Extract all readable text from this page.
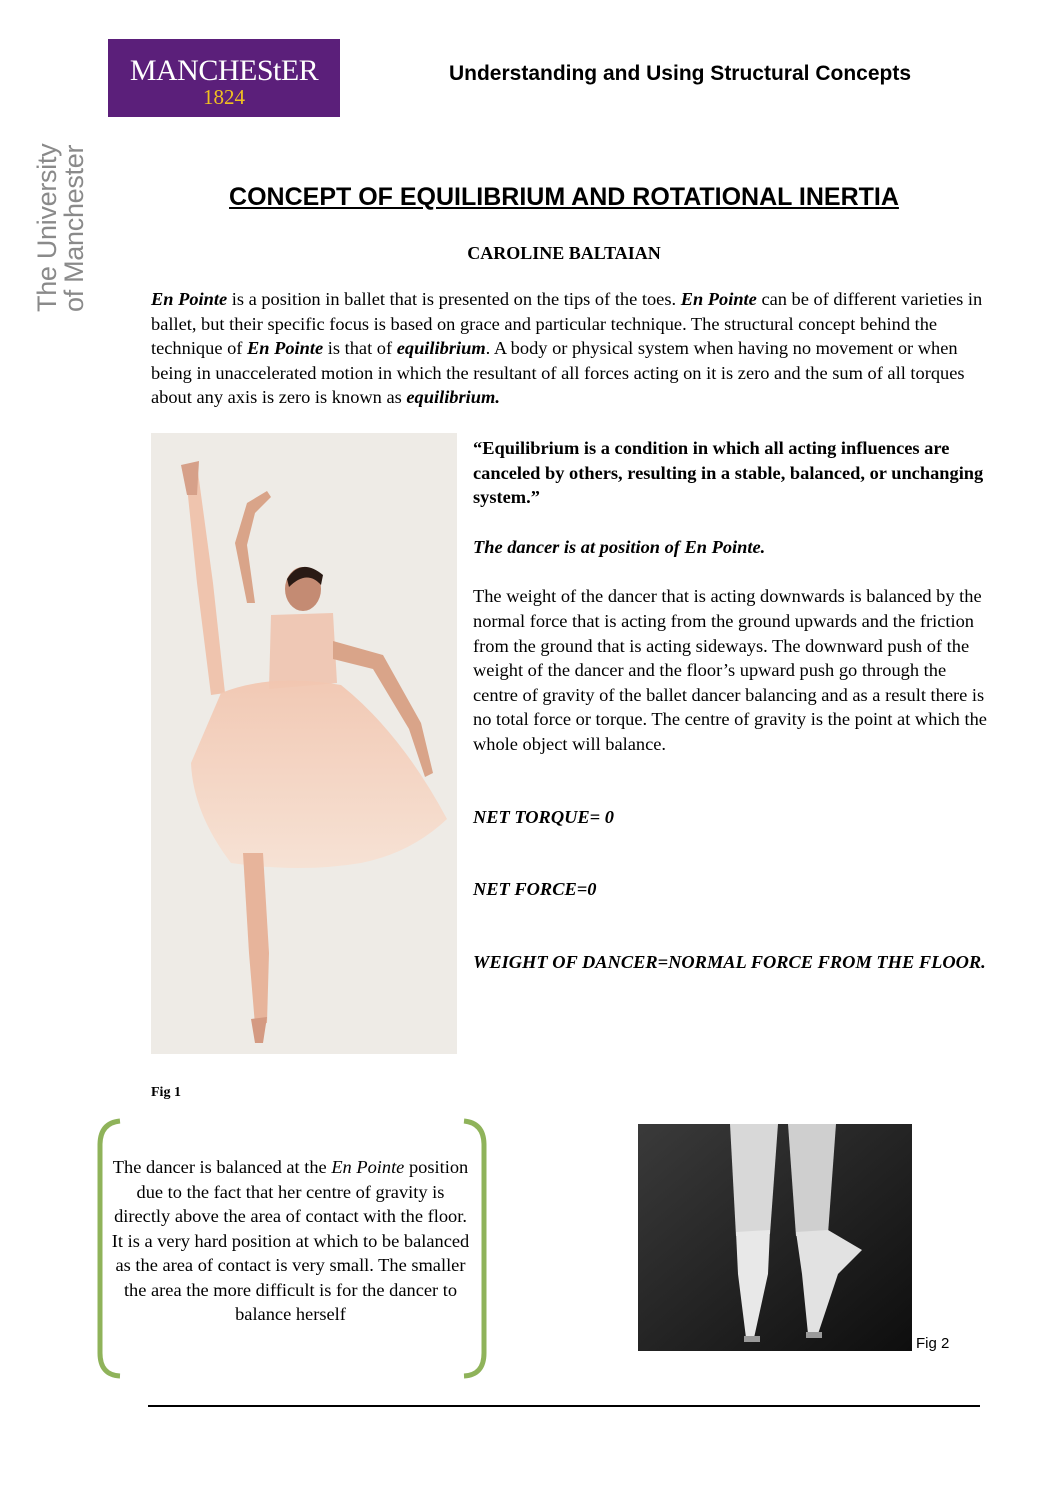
MANCHEStER
1824
Understanding and Using Structural Concepts
The University
of Manchester	CONCEPT OF EQUILIBRIUM AND ROTATIONAL INERTIA
CAROLINE BALTAIAN
En Pointe is a position in ballet that is presented on the tips of the toes. En Pointe can be of different varieties in ballet, but their specific focus is based on grace and particular technique. The structural concept behind the technique of En Pointe is that of equilibrium. A body or physical system when having no movement or when being in unaccelerated motion in which the resultant of all forces acting on it is zero and the sum of all torques about any axis is zero is known as equilibrium.
Fig 1

“Equilibrium is a condition in which all acting influences are canceled by others, resulting in a stable, balanced, or unchanging system.”

The dancer is at position of En Pointe.

The weight of the dancer that is acting downwards is balanced by the normal force that is acting from the ground upwards and the friction from the ground that is acting sideways. The downward push of the weight of the dancer and the floor’s upward push go through the centre of gravity of the ballet dancer balancing and as a result there is no total force or torque. The centre of gravity is the point at which the whole object will balance.

NET TORQUE= 0

NET FORCE=0

WEIGHT OF DANCER=NORMAL FORCE FROM THE FLOOR.

The dancer is balanced at the En Pointe position due to the fact that her centre of gravity is directly above the area of contact with the floor. It is a very hard position at which to be balanced as the area of contact is very small. The smaller the area the more difficult is for the dancer to balance herself
Fig 2
